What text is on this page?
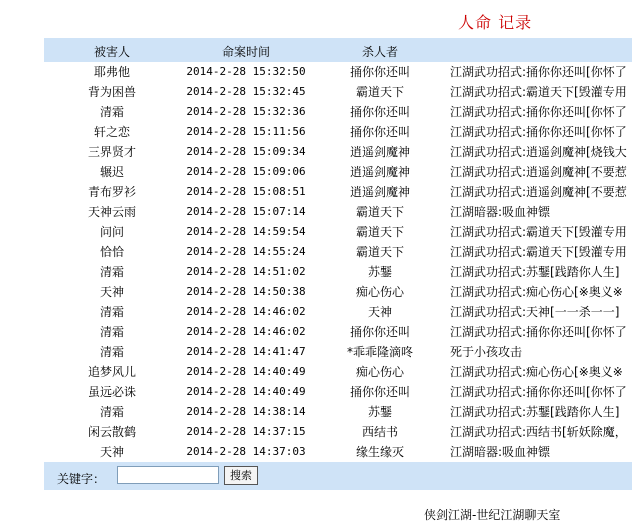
人命 记录
被害人	命案时间	杀人者
耶弗他	2014-2-28 15:32:50	捅你你还叫	江湖武功招式:捅你你还叫[你怀了
背为困兽	2014-2-28 15:32:45	霸道天下	江湖武功招式:霸道天下[毁灌专用
清霜	2014-2-28 15:32:36	捅你你还叫	江湖武功招式:捅你你还叫[你怀了
轩之恋	2014-2-28 15:11:56	捅你你还叫	江湖武功招式:捅你你还叫[你怀了
三界贤才	2014-2-28 15:09:34	逍遥剑魔神	江湖武功招式:逍遥剑魔神[烧钱大
辗迟	2014-2-28 15:09:06	逍遥剑魔神	江湖武功招式:逍遥剑魔神[不要惹
青布罗衫	2014-2-28 15:08:51	逍遥剑魔神	江湖武功招式:逍遥剑魔神[不要惹
天神云雨	2014-2-28 15:07:14	霸道天下	江湖暗器:吸血神镖
问问	2014-2-28 14:59:54	霸道天下	江湖武功招式:霸道天下[毁灌专用
恰恰	2014-2-28 14:55:24	霸道天下	江湖武功招式:霸道天下[毁灌专用
清霜	2014-2-28 14:51:02	苏鑋	江湖武功招式:苏鑋[践踏你人生]
天神	2014-2-28 14:50:38	痴心伤心	江湖武功招式:痴心伤心[※奥义※
清霜	2014-2-28 14:46:02	天神	江湖武功招式:天神[一一杀一一]
清霜	2014-2-28 14:46:02	捅你你还叫	江湖武功招式:捅你你还叫[你怀了
清霜	2014-2-28 14:41:47	*乖乖隆滴咚	死于小孩攻击
追梦风儿	2014-2-28 14:40:49	痴心伤心	江湖武功招式:痴心伤心[※奥义※
虽远必诛	2014-2-28 14:40:49	捅你你还叫	江湖武功招式:捅你你还叫[你怀了
清霜	2014-2-28 14:38:14	苏鑋	江湖武功招式:苏鑋[践踏你人生]
闲云散鹤	2014-2-28 14:37:15	西结书	江湖武功招式:西结书[斩妖除魔，
天神	2014-2-28 14:37:03	缘生缘灭	江湖暗器:吸血神镖
关键字：	搜索
侠剑江湖-世纪江湖聊天室
